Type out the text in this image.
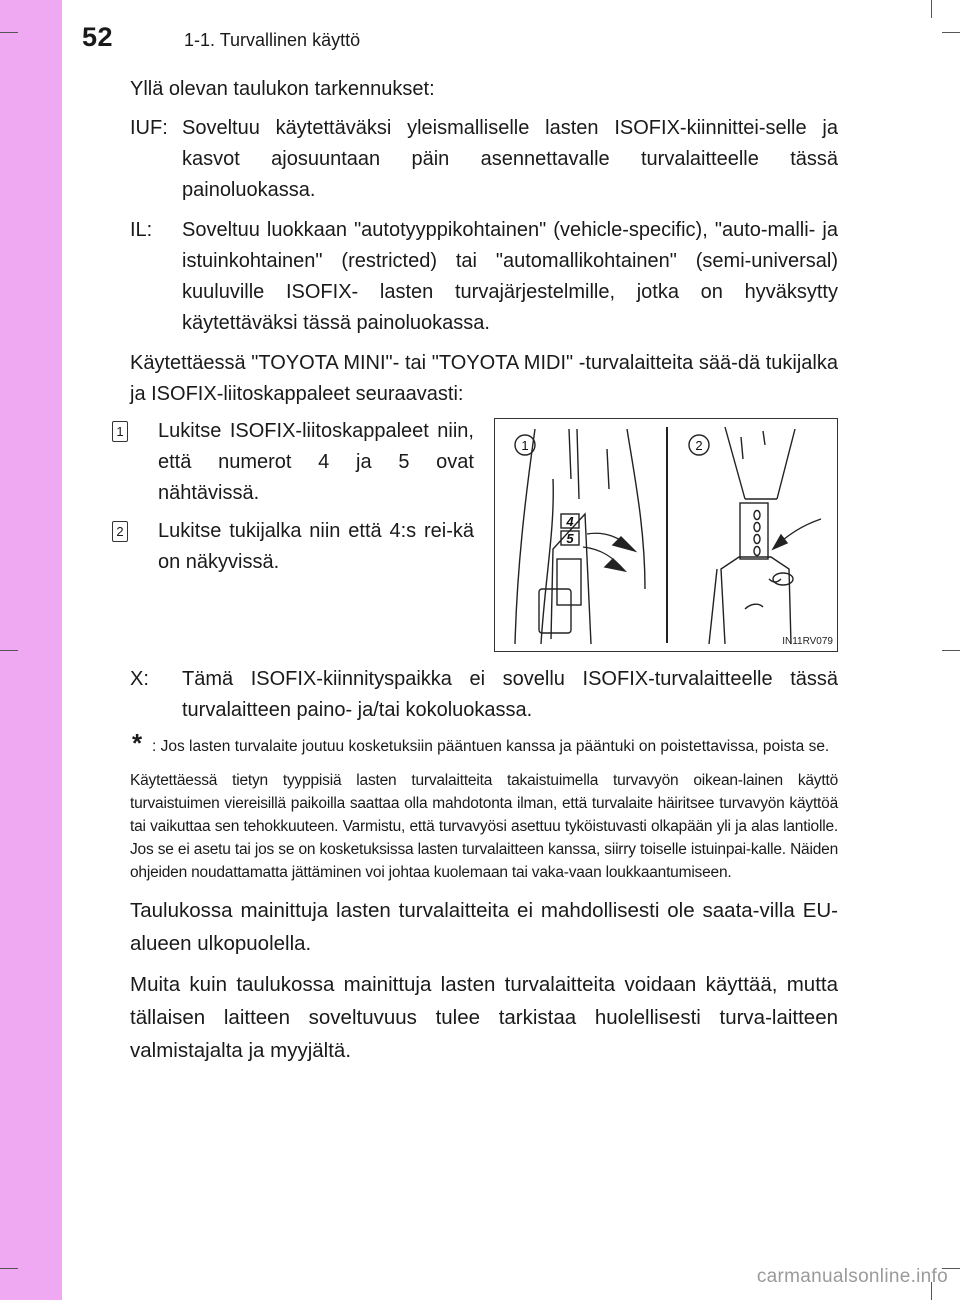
52	1-1. Turvallinen käyttö

Yllä olevan taulukon tarkennukset:

IUF: Soveltuu käytettäväksi yleismalliselle lasten ISOFIX-kiinnittei-selle ja kasvot ajosuuntaan päin asennettavalle turvalaitteelle tässä painoluokassa.
IL: Soveltuu luokkaan "autotyyppikohtainen" (vehicle-specific), "auto-malli- ja istuinkohtainen" (restricted) tai "automallikohtainen" (semi-universal) kuuluville ISOFIX- lasten turvajärjestelmille, jotka on hyväksytty käytettäväksi tässä painoluokassa.

Käytettäessä "TOYOTA MINI"- tai "TOYOTA MIDI" -turvalaitteita sää-dä tukijalka ja ISOFIX-liitoskappaleet seuraavasti:

1 Lukitse ISOFIX-liitoskappaleet niin, että numerot 4 ja 5 ovat nähtävissä.
2 Lukitse tukijalka niin että 4:s rei-kä on näkyvissä.
1	2
4
5
IN11RV079
X: Tämä ISOFIX-kiinnityspaikka ei sovellu ISOFIX-turvalaitteelle tässä turvalaitteen paino- ja/tai kokoluokassa.
* : Jos lasten turvalaite joutuu kosketuksiin pääntuen kanssa ja pääntuki on poistettavissa, poista se.
Käytettäessä tietyn tyyppisiä lasten turvalaitteita takaistuimella turvavyön oikean-lainen käyttö turvaistuimen viereisillä paikoilla saattaa olla mahdotonta ilman, että turvalaite häiritsee turvavyön käyttöä tai vaikuttaa sen tehokkuuteen. Varmistu, että turvavyösi asettuu tyköistuvasti olkapään yli ja alas lantiolle. Jos se ei asetu tai jos se on kosketuksissa lasten turvalaitteen kanssa, siirry toiselle istuinpai-kalle. Näiden ohjeiden noudattamatta jättäminen voi johtaa kuolemaan tai vaka-vaan loukkaantumiseen.
Taulukossa mainittuja lasten turvalaitteita ei mahdollisesti ole saata-villa EU-alueen ulkopuolella.
Muita kuin taulukossa mainittuja lasten turvalaitteita voidaan käyttää, mutta tällaisen laitteen soveltuvuus tulee tarkistaa huolellisesti turva-laitteen valmistajalta ja myyjältä.
carmanualsonline.info
